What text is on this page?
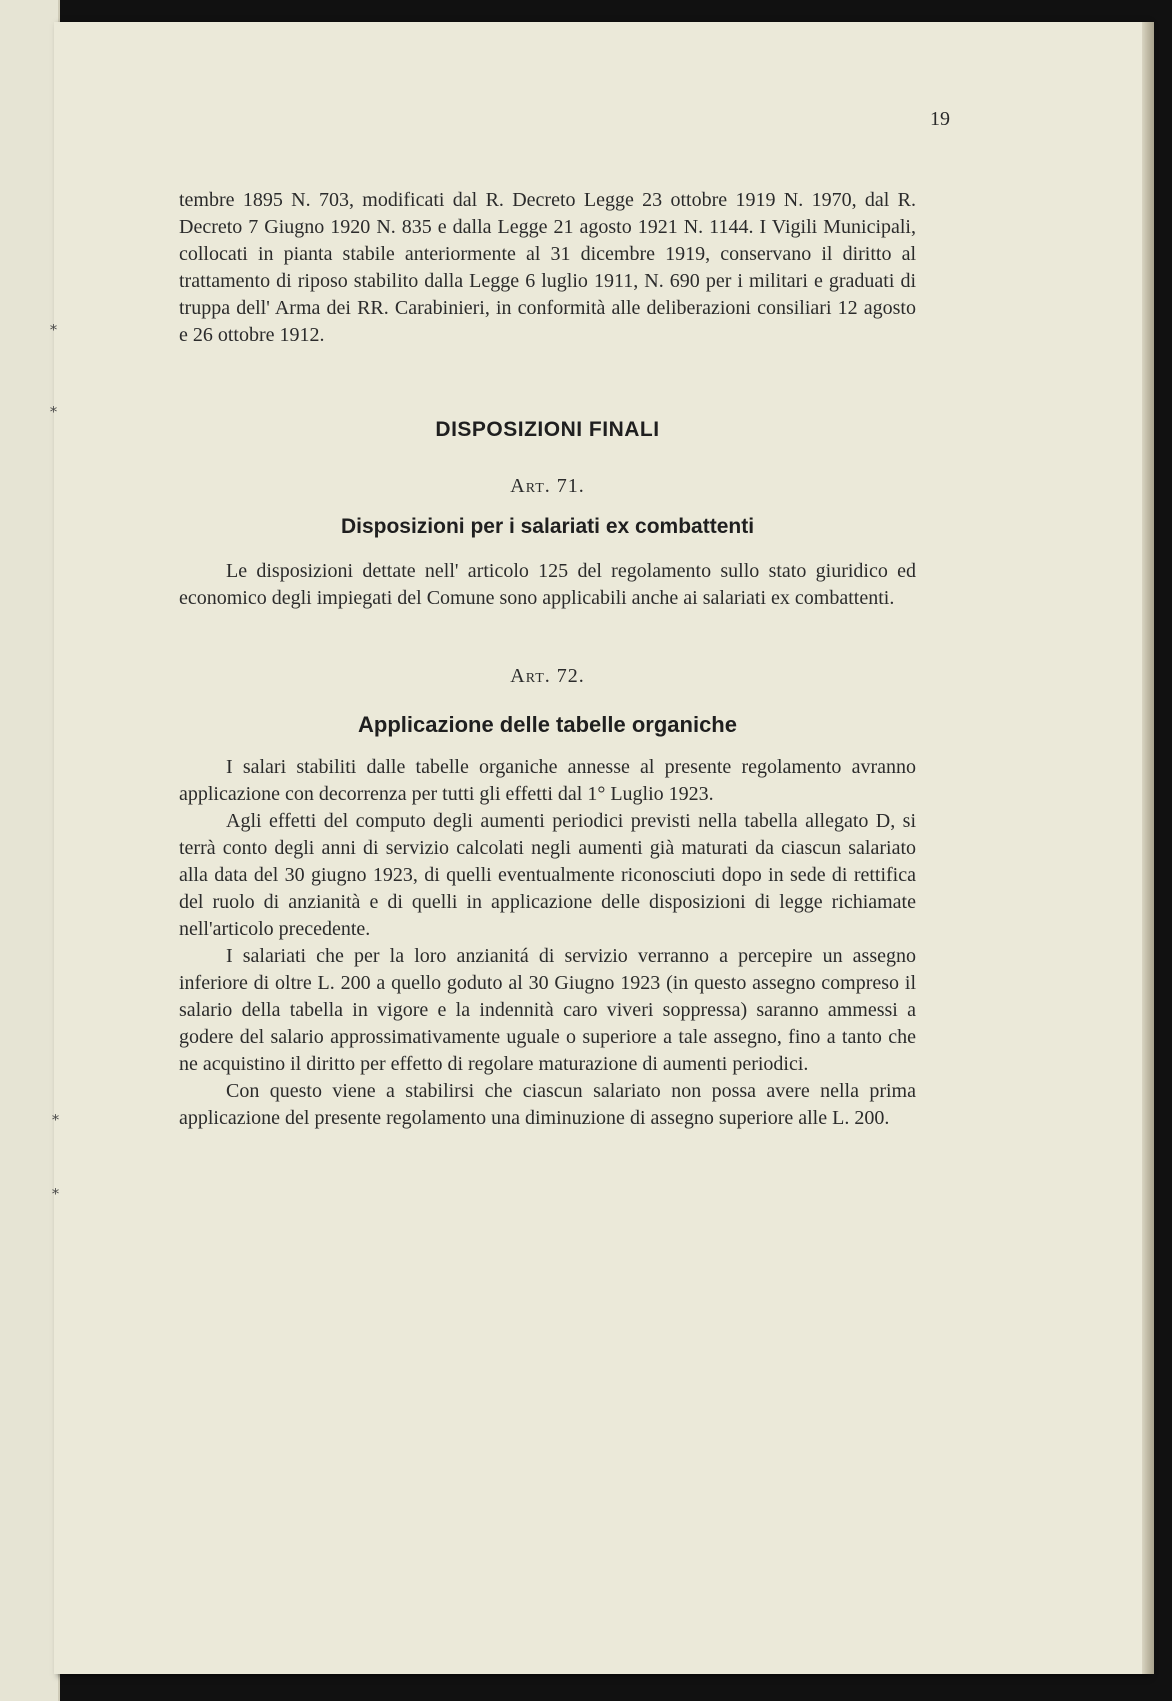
⁎
⁎
⁎
⁎
19

tembre 1895 N. 703, modificati dal R. Decreto Legge 23 ottobre 1919 N. 1970, dal R. Decreto 7 Giugno 1920 N. 835 e dalla Legge 21 agosto 1921 N. 1144. I Vigili Municipali, collocati in pianta stabile anteriormente al 31 dicembre 1919, conservano il diritto al trattamento di riposo stabilito dalla Legge 6 luglio 1911, N. 690 per i militari e graduati di truppa dell' Arma dei RR. Carabinieri, in conformità alle deliberazioni consiliari 12 agosto e 26 ottobre 1912.

DISPOSIZIONI FINALI
Art. 71.
Disposizioni per i salariati ex combattenti

Le disposizioni dettate nell' articolo 125 del regolamento sullo stato giuridico ed economico degli impiegati del Comune sono applicabili anche ai salariati ex combattenti.

Art. 72.
Applicazione delle tabelle organiche

I salari stabiliti dalle tabelle organiche annesse al presente regolamento avranno applicazione con decorrenza per tutti gli effetti dal 1° Luglio 1923.

Agli effetti del computo degli aumenti periodici previsti nella tabella allegato D, si terrà conto degli anni di servizio calcolati negli aumenti già maturati da ciascun salariato alla data del 30 giugno 1923, di quelli eventualmente riconosciuti dopo in sede di rettifica del ruolo di anzianità e di quelli in applicazione delle disposizioni di legge richiamate nell'articolo precedente.

I salariati che per la loro anzianitá di servizio verranno a percepire un assegno inferiore di oltre L. 200 a quello goduto al 30 Giugno 1923 (in questo assegno compreso il salario della tabella in vigore e la indennità caro viveri soppressa) saranno ammessi a godere del salario approssimativamente uguale o superiore a tale assegno, fino a tanto che ne acquistino il diritto per effetto di regolare maturazione di aumenti periodici.

Con questo viene a stabilirsi che ciascun salariato non possa avere nella prima applicazione del presente regolamento una diminuzione di assegno superiore alle L. 200.
